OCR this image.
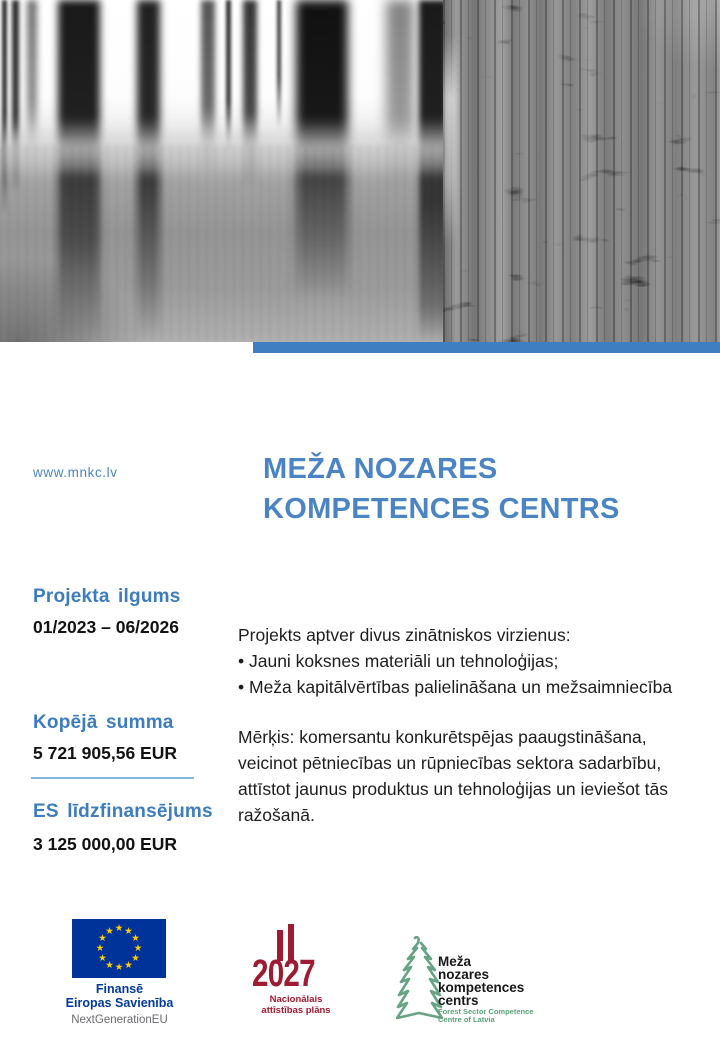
www.mnkc.lv	MEŽA NOZARES
KOMPETENCES CENTRS
Projekta ilgums
01/2023 – 06/2026
Kopējā summa
5 721 905,56 EUR
ES līdzfinansējums
3 125 000,00 EUR
Projekts aptver divus zinātniskos virzienus:
• Jauni koksnes materiāli un tehnoloģijas;
• Meža kapitālvērtības palielināšana un mežsaimniecība
Mērķis: komersantu konkurētspējas paaugstināšana,
veicinot pētniecības un rūpniecības sektora sadarbību,
attīstot jaunus produktus un tehnoloģijas un ieviešot tās
ražošanā.
★
★
★
★
★
★
★
★
★
★
★
★
Finansē
Eiropas Savienība
NextGenerationEU
2027
Nacionālais
attīstības plāns
Meža
nozares
kompetences
centrs
Forest Sector Competence
Centre of Latvia
